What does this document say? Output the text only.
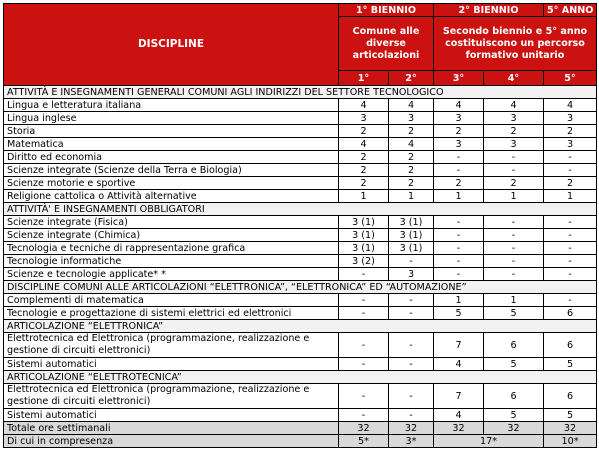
DISCIPLINE	1° BIENNIO		2° BIENNIO		5° ANNO
	Comune alle diverse articolazioni		Secondo biennio e 5° anno costituiscono un percorso formativo unitario		
	1°	2°	3°	4°	5°
ATTIVITÀ E INSEGNAMENTI GENERALI COMUNI AGLI INDIRIZZI DEL SETTORE TECNOLOGICO					
Lingua e letteratura italiana	4	4	4	4	4
Lingua inglese	3	3	3	3	3
Storia	2	2	2	2	2
Matematica	4	4	3	3	3
Diritto ed economia	2	2	-	-	-
Scienze integrate (Scienze della Terra e Biologia)	2	2	-	-	-
Scienze motorie e sportive	2	2	2	2	2
Religione cattolica o Attività alternative	1	1	1	1	1
ATTIVITÀ' E INSEGNAMENTI OBBLIGATORI					
Scienze integrate (Fisica)	3 (1)	3 (1)	-	-	-
Scienze integrate (Chimica)	3 (1)	3 (1)	-	-	-
Tecnologia e tecniche di rappresentazione grafica	3 (1)	3 (1)	-	-	-
Tecnologie informatiche	3 (2)	-	-	-	-
Scienze e tecnologie applicate* *	-	3	-	-	-
DISCIPLINE COMUNI ALLE ARTICOLAZIONI “ELETTRONICA”, “ELETTRONICA” ED “AUTOMAZIONE”					
Complementi di matematica	-	-	1	1	-
Tecnologie e progettazione di sistemi elettrici ed elettronici	-	-	5	5	6
ARTICOLAZIONE “ELETTRONICA”					
Elettrotecnica ed Elettronica (programmazione, realizzazione e gestione di circuiti elettronici)	-	-	7	6	6
Sistemi automatici	-	-	4	5	5
ARTICOLAZIONE “ELETTROTECNICA”					
Elettrotecnica ed Elettronica (programmazione, realizzazione e gestione di circuiti elettronici)	-	-	7	6	6
Sistemi automatici	-	-	4	5	5
Totale ore settimanali	32	32	32	32	32
Di cui in compresenza	5*	3*	17*		10*
